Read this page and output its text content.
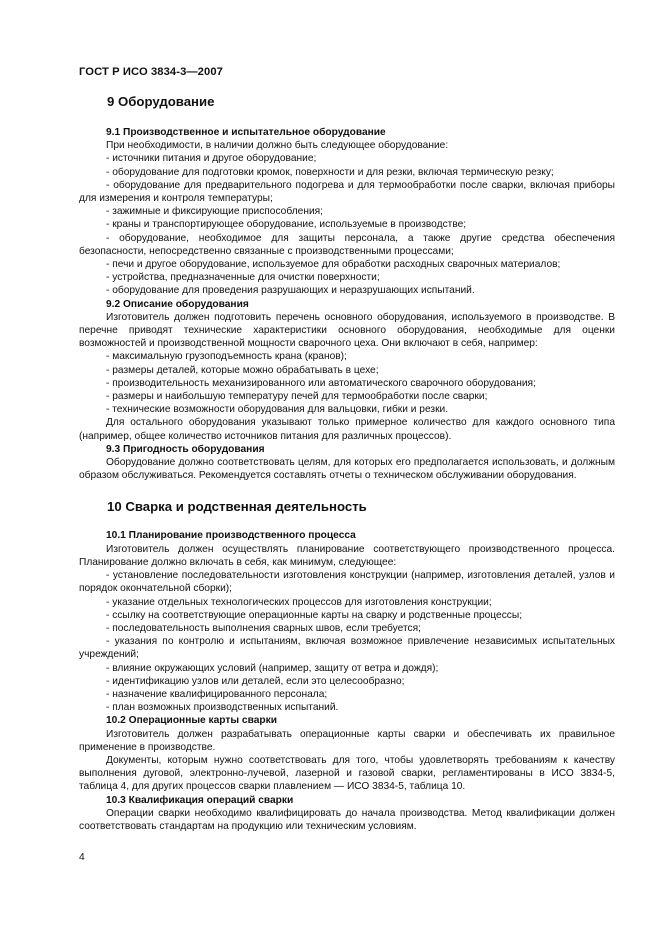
ГОСТ Р ИСО 3834-3—2007
9 Оборудование
9.1 Производственное и испытательное оборудование
При необходимости, в наличии должно быть следующее оборудование:
- источники питания и другое оборудование;
- оборудование для подготовки кромок, поверхности и для резки, включая термическую резку;
- оборудование для предварительного подогрева и для термообработки после сварки, включая приборы для измерения и контроля температуры;
- зажимные и фиксирующие приспособления;
- краны и транспортирующее оборудование, используемые в производстве;
- оборудование, необходимое для защиты персонала, а также другие средства обеспечения безопасности, непосредственно связанные с производственными процессами;
- печи и другое оборудование, используемое для обработки расходных сварочных материалов;
- устройства, предназначенные для очистки поверхности;
- оборудование для проведения разрушающих и неразрушающих испытаний.
9.2 Описание оборудования
Изготовитель должен подготовить перечень основного оборудования, используемого в производстве. В перечне приводят технические характеристики основного оборудования, необходимые для оценки возможностей и производственной мощности сварочного цеха. Они включают в себя, например:
- максимальную грузоподъемность крана (кранов);
- размеры деталей, которые можно обрабатывать в цехе;
- производительность механизированного или автоматического сварочного оборудования;
- размеры и наибольшую температуру печей для термообработки после сварки;
- технические возможности оборудования для вальцовки, гибки и резки.
Для остального оборудования указывают только примерное количество для каждого основного типа (например, общее количество источников питания для различных процессов).
9.3 Пригодность оборудования
Оборудование должно соответствовать целям, для которых его предполагается использовать, и должным образом обслуживаться. Рекомендуется составлять отчеты о техническом обслуживании оборудования.
10 Сварка и родственная деятельность
10.1 Планирование производственного процесса
Изготовитель должен осуществлять планирование соответствующего производственного процесса. Планирование должно включать в себя, как минимум, следующее:
- установление последовательности изготовления конструкции (например, изготовления деталей, узлов и порядок окончательной сборки);
- указание отдельных технологических процессов для изготовления конструкции;
- ссылку на соответствующие операционные карты на сварку и родственные процессы;
- последовательность выполнения сварных швов, если требуется;
- указания по контролю и испытаниям, включая возможное привлечение независимых испытательных учреждений;
- влияние окружающих условий (например, защиту от ветра и дождя);
- идентификацию узлов или деталей, если это целесообразно;
- назначение квалифицированного персонала;
- план возможных производственных испытаний.
10.2 Операционные карты сварки
Изготовитель должен разрабатывать операционные карты сварки и обеспечивать их правильное применение в производстве.
Документы, которым нужно соответствовать для того, чтобы удовлетворять требованиям к качеству выполнения дуговой, электронно-лучевой, лазерной и газовой сварки, регламентированы в ИСО 3834-5, таблица 4, для других процессов сварки плавлением — ИСО 3834-5, таблица 10.
10.3 Квалификация операций сварки
Операции сварки необходимо квалифицировать до начала производства. Метод квалификации должен соответствовать стандартам на продукцию или техническим условиям.
4
